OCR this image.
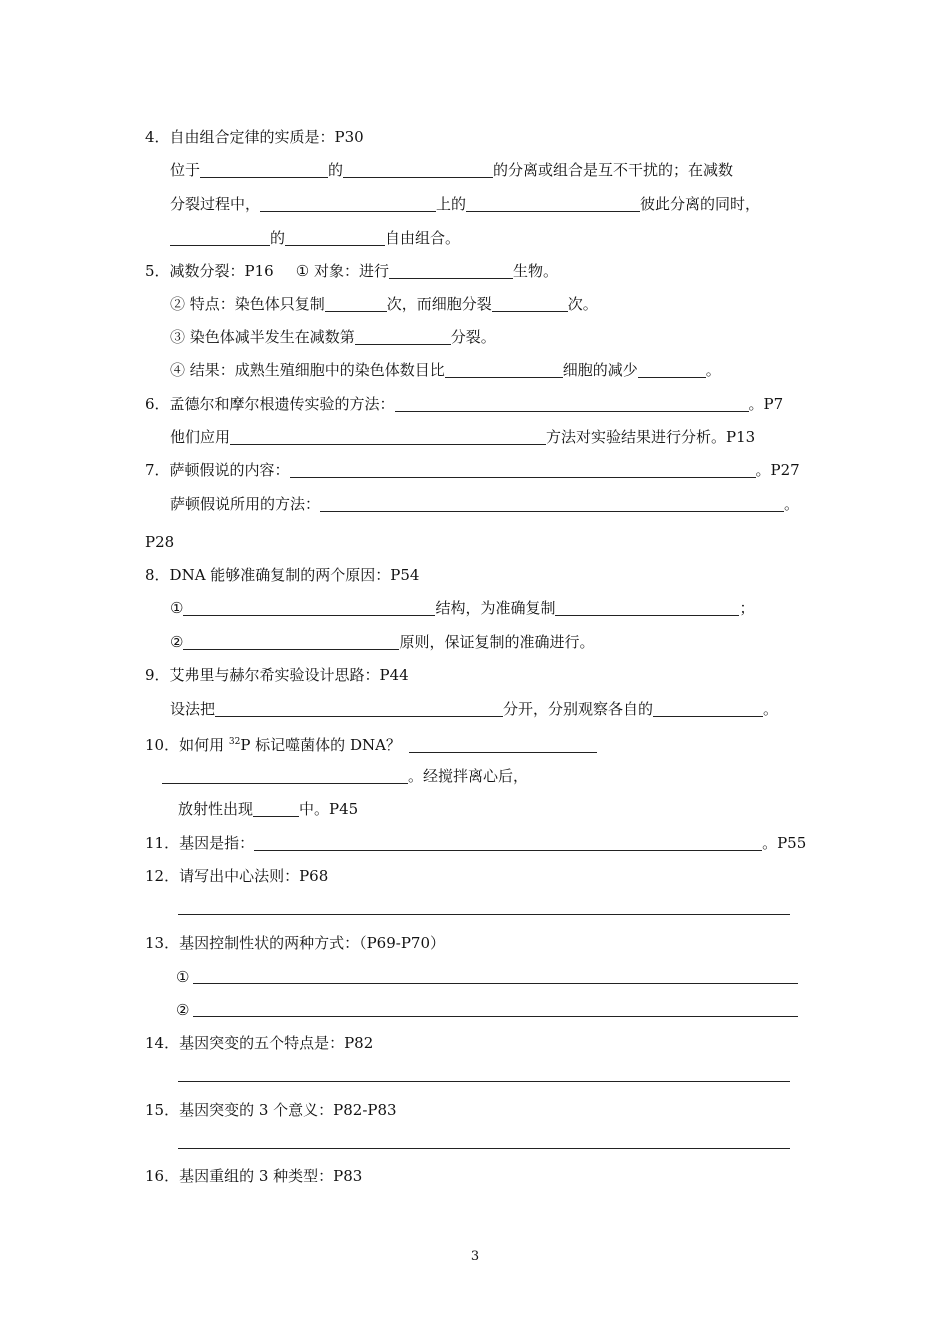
4．自由组合定律的实质是：P30
位于	的	的分离或组合是互不干扰的；在减数
分裂过程中，	上的	彼此分离的同时，
的	自由组合。
5．减数分裂：P16 ① 对象：进行	生物。
② 特点：染色体只复制	次，而细胞分裂	次。
③ 染色体减半发生在减数第	分裂。
④ 结果：成熟生殖细胞中的染色体数目比	细胞的减少	。
6．孟德尔和摩尔根遗传实验的方法：	。P7
他们应用	方法对实验结果进行分析。P13
7．萨顿假说的内容：	。P27
萨顿假说所用的方法：	。
P28
8．DNA 能够准确复制的两个原因：P54
①	结构，为准确复制	；
②	原则，保证复制的准确进行。
9．艾弗里与赫尔希实验设计思路：P44
设法把	分开，分别观察各自的	。
10．如何用 $^{32}$P 标记噬菌体的 DNA？
。经搅拌离心后，
放射性出现	中。P45
11．基因是指：	。P55
12．请写出中心法则：P68
13．基因控制性状的两种方式：（P69-P70）
①
②
14．基因突变的五个特点是：P82
15．基因突变的 3 个意义：P82-P83
16．基因重组的 3 种类型：P83
3
